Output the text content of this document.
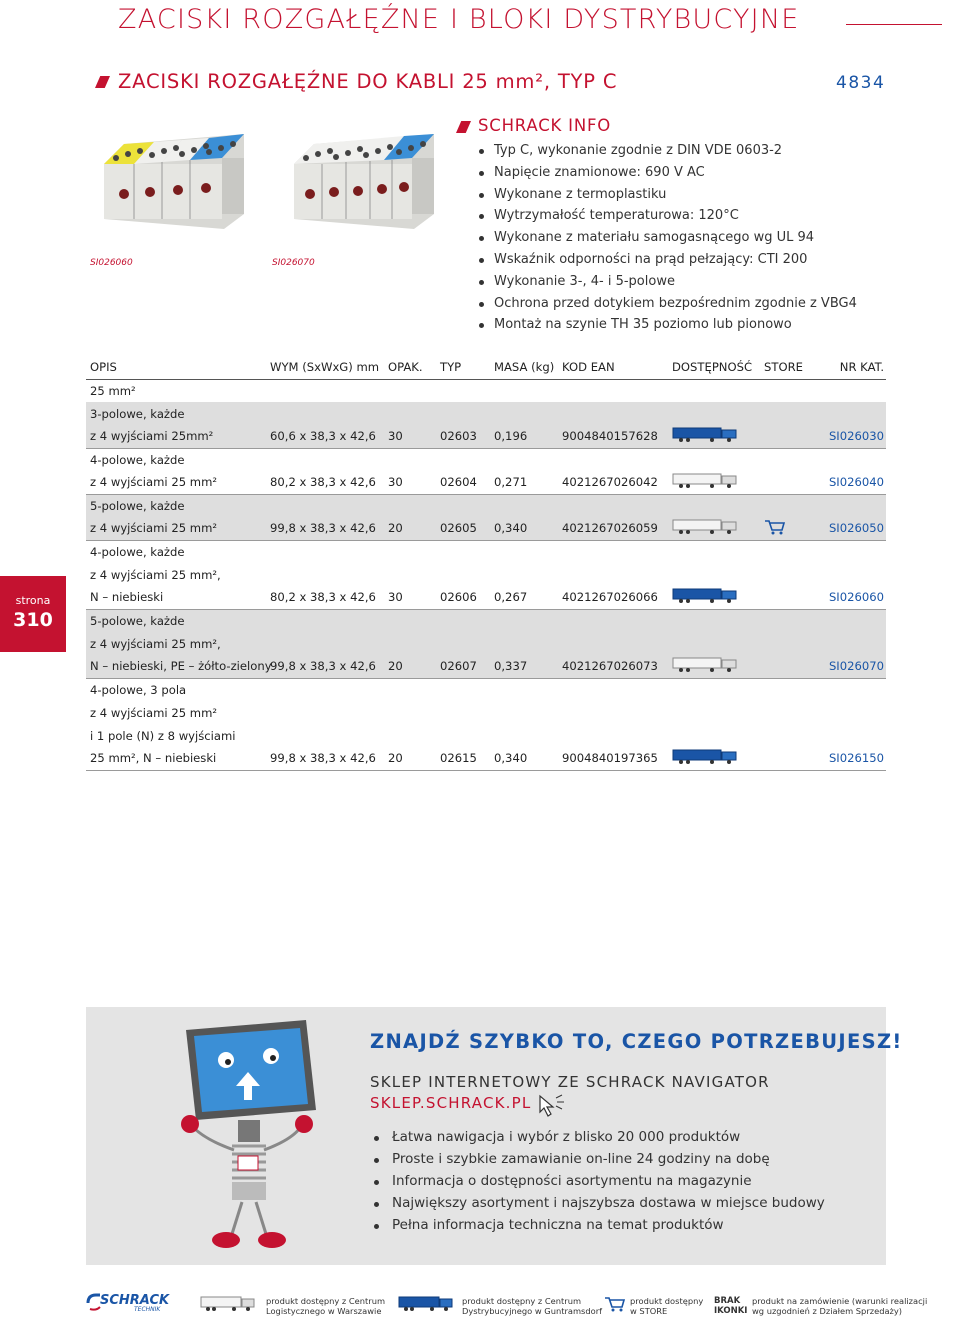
ZACISKI ROZGAŁĘŹNE I BLOKI DYSTRYBUCYJNE
ZACISKI ROZGAŁĘŹNE DO KABLI 25 mm², TYP C	4834
SI026060	SI026070
SCHRACK INFO
Typ C, wykonanie zgodnie z DIN VDE 0603-2
Napięcie znamionowe: 690 V AC
Wykonane z termoplastiku
Wytrzymałość temperaturowa: 120°C
Wykonane z materiału samogasnącego wg UL 94
Wskaźnik odporności na prąd pełzający: CTI 200
Wykonanie 3-, 4- i 5-polowe
Ochrona przed dotykiem bezpośrednim zgodnie z VBG4
Montaż na szynie TH 35 poziomo lub pionowo
OPIS	WYM (SxWxG) mm	OPAK.	TYP	MASA (kg)	KOD EAN	DOSTĘPNOŚĆ	STORE	NR KAT.
25 mm²								
3-polowe, każde								
z 4 wyjściami 25mm²	60,6 x 38,3 x 42,6	30	02603	0,196	9004840157628			SI026030
4-polowe, każde								
z 4 wyjściami 25 mm²	80,2 x 38,3 x 42,6	30	02604	0,271	4021267026042			SI026040
5-polowe, każde								
z 4 wyjściami 25 mm²	99,8 x 38,3 x 42,6	20	02605	0,340	4021267026059			SI026050
4-polowe, każde								
z 4 wyjściami 25 mm²,								
N – niebieski	80,2 x 38,3 x 42,6	30	02606	0,267	4021267026066			SI026060
5-polowe, każde								
z 4 wyjściami 25 mm²,								
N – niebieski, PE – żółto-zielony	99,8 x 38,3 x 42,6	20	02607	0,337	4021267026073			SI026070
4-polowe, 3 pola								
z 4 wyjściami 25 mm²								
i 1 pole (N) z 8 wyjściami								
25 mm², N – niebieski	99,8 x 38,3 x 42,6	20	02615	0,340	9004840197365			SI026150
strona
310
ZNAJDŹ SZYBKO TO, CZEGO POTRZEBUJESZ!
SKLEP INTERNETOWY ZE SCHRACK NAVIGATOR
SKLEP.SCHRACK.PL
Łatwa nawigacja i wybór z blisko 20 000 produktów
Proste i szybkie zamawianie on-line 24 godziny na dobę
Informacja o dostępności asortymentu na magazynie
Największy asortyment i najszybsza dostawa w miejsce budowy
Pełna informacja techniczna na temat produktów
SCHRACK
TECHNIK
produkt dostępny z Centrum
Logistycznego w Warszawie
produkt dostępny z Centrum
Dystrybucyjnego w Guntramsdorf
produkt dostępny
w STORE
BRAK
IKONKI
produkt na zamówienie (warunki realizacji
wg uzgodnień z Działem Sprzedaży)
